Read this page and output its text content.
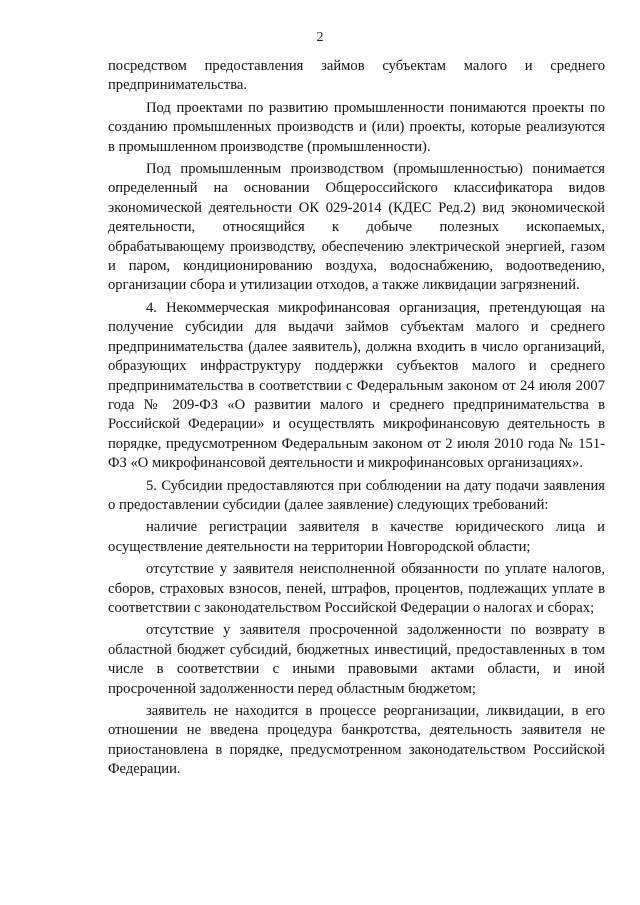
2

посредством предоставления займов субъектам малого и среднего предпринимательства.

Под проектами по развитию промышленности понимаются проекты по созданию промышленных производств и (или) проекты, которые реализуются в промышленном производстве (промышленности).

Под промышленным производством (промышленностью) понимается определенный на основании Общероссийского классификатора видов экономической деятельности ОК 029-2014 (КДЕС Ред.2) вид экономической деятельности, относящийся к добыче полезных ископаемых, обрабатывающему производству, обеспечению электрической энергией, газом и паром, кондиционированию воздуха, водоснабжению, водоотведению, организации сбора и утилизации отходов, а также ликвидации загрязнений.

4. Некоммерческая микрофинансовая организация, претендующая на получение субсидии для выдачи займов субъектам малого и среднего предпринимательства (далее заявитель), должна входить в число организаций, образующих инфраструктуру поддержки субъектов малого и среднего предпринимательства в соответствии с Федеральным законом от 24 июля 2007 года № 209-ФЗ «О развитии малого и среднего предпринимательства в Российской Федерации» и осуществлять микрофинансовую деятельность в порядке, предусмотренном Федеральным законом от 2 июля 2010 года № 151-ФЗ «О микрофинансовой деятельности и микрофинансовых организациях».

5. Субсидии предоставляются при соблюдении на дату подачи заявления о предоставлении субсидии (далее заявление) следующих требований:

наличие регистрации заявителя в качестве юридического лица и осуществление деятельности на территории Новгородской области;

отсутствие у заявителя неисполненной обязанности по уплате налогов, сборов, страховых взносов, пеней, штрафов, процентов, подлежащих уплате в соответствии с законодательством Российской Федерации о налогах и сборах;

отсутствие у заявителя просроченной задолженности по возврату в областной бюджет субсидий, бюджетных инвестиций, предоставленных в том числе в соответствии с иными правовыми актами области, и иной просроченной задолженности перед областным бюджетом;

заявитель не находится в процессе реорганизации, ликвидации, в его отношении не введена процедура банкротства, деятельность заявителя не приостановлена в порядке, предусмотренном законодательством Российской Федерации.
